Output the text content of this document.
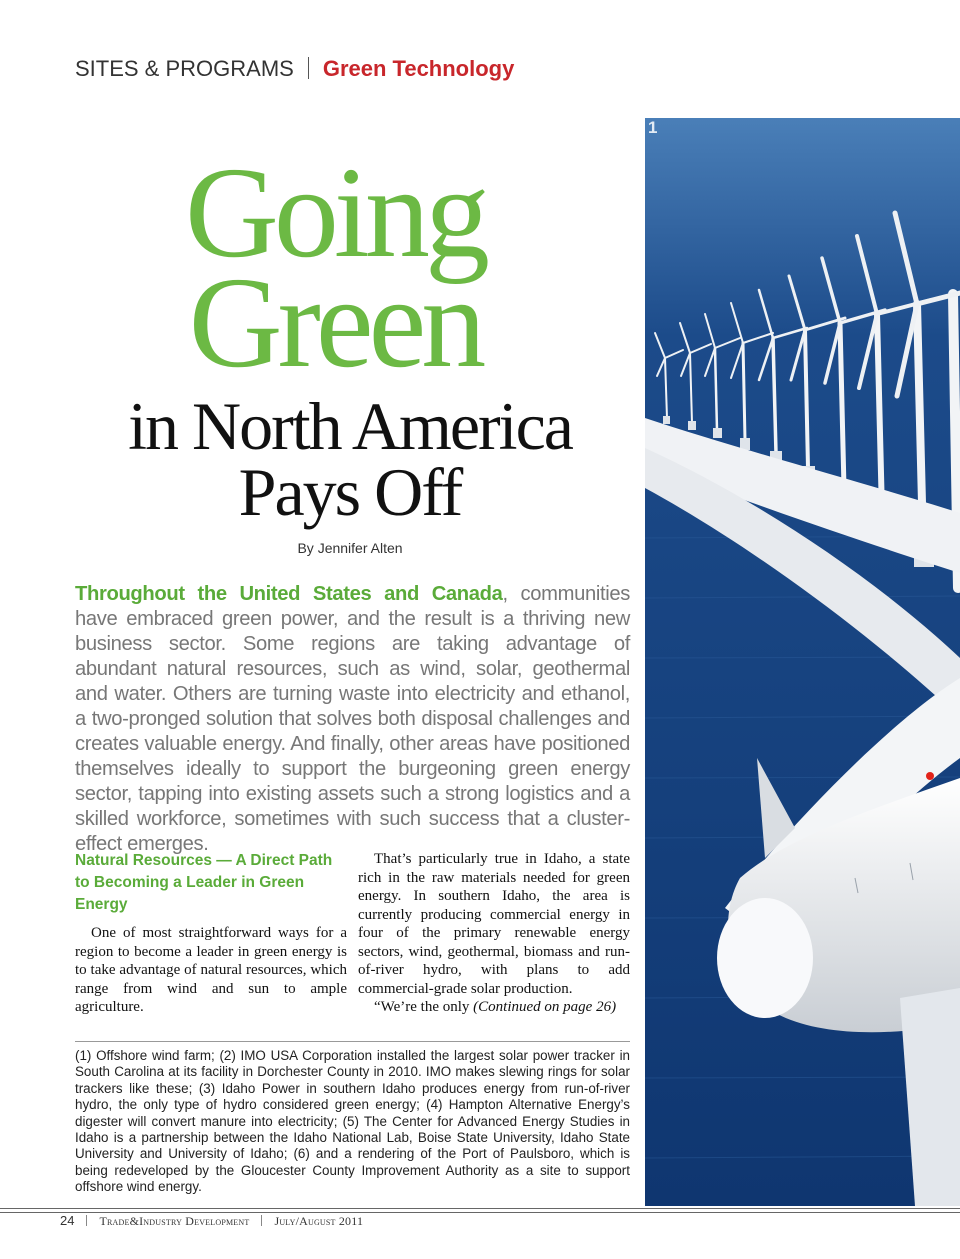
SITES & PROGRAMS Green Technology
1
Going
Green
in North America
Pays Off
By Jennifer Alten
Throughout the United States and Canada, communities have embraced green power, and the result is a thriving new business sector. Some regions are taking advantage of abundant natural resources, such as wind, solar, geothermal and water. Others are turning waste into electricity and ethanol, a two-pronged solution that solves both disposal challenges and creates valuable energy. And finally, other areas have positioned themselves ideally to support the burgeoning green energy sector, tapping into existing assets such a strong logistics and a skilled workforce, sometimes with such success that a cluster-effect emerges.
Natural Resources — A Direct Path to Becoming a Leader in Green Energy

One of most straightforward ways for a region to become a leader in green energy is to take advantage of natural resources, which range from wind and sun to ample agriculture.

That’s particularly true in Idaho, a state rich in the raw materials needed for green energy. In southern Idaho, the area is currently producing commercial energy in four of the primary renewable energy sectors, wind, geothermal, biomass and run-of-river hydro, with plans to add commercial-grade solar production.

“We’re the only (Continued on page 26)

(1) Offshore wind farm; (2) IMO USA Corporation installed the largest solar power tracker in South Carolina at its facility in Dorchester County in 2010. IMO makes slewing rings for solar trackers like these; (3) Idaho Power in southern Idaho produces energy from run-of-river hydro, the only type of hydro considered green energy; (4) Hampton Alternative Energy’s digester will convert manure into electricity; (5) The Center for Advanced Energy Studies in Idaho is a partnership between the Idaho National Lab, Boise State University, Idaho State University and University of Idaho; (6) and a rendering of the Port of Paulsboro, which is being redeveloped by the Gloucester County Improvement Authority as a site to support offshore wind energy.
24 Trade&Industry Development July/August 2011
